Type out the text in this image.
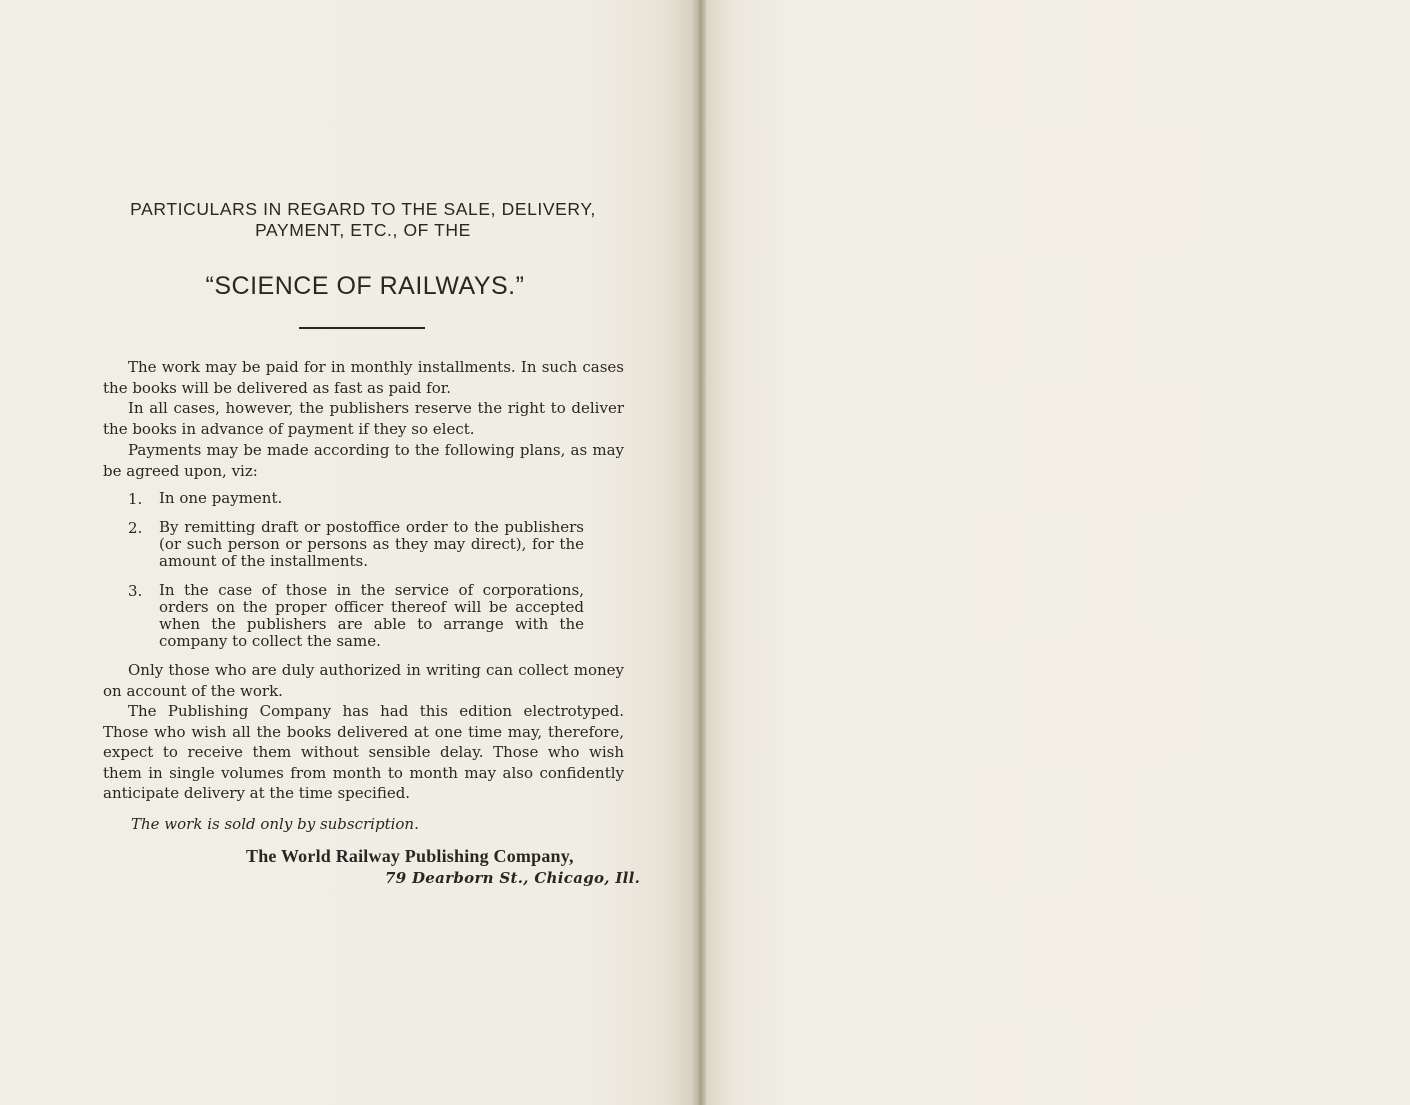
PARTICULARS IN REGARD TO THE SALE, DELIVERY,
PAYMENT, ETC., OF THE
“SCIENCE OF RAILWAYS.”

The work may be paid for in monthly installments. In such cases the books will be delivered as fast as paid for.

In all cases, however, the publishers reserve the right to deliver the books in advance of payment if they so elect.

Payments may be made according to the following plans, as may be agreed upon, viz:

1. In one payment.
2. By remitting draft or postoffice order to the publishers (or such person or persons as they may direct), for the amount of the installments.
3. In the case of those in the service of corporations, orders on the proper officer thereof will be accepted when the publishers are able to arrange with the company to collect the same.

Only those who are duly authorized in writing can collect money on account of the work.

The Publishing Company has had this edition electrotyped. Those who wish all the books delivered at one time may, therefore, expect to receive them without sensible delay. Those who wish them in single volumes from month to month may also confidently anticipate delivery at the time specified.

The work is sold only by subscription.
The World Railway Publishing Company,
79 Dearborn St., Chicago, Ill.
